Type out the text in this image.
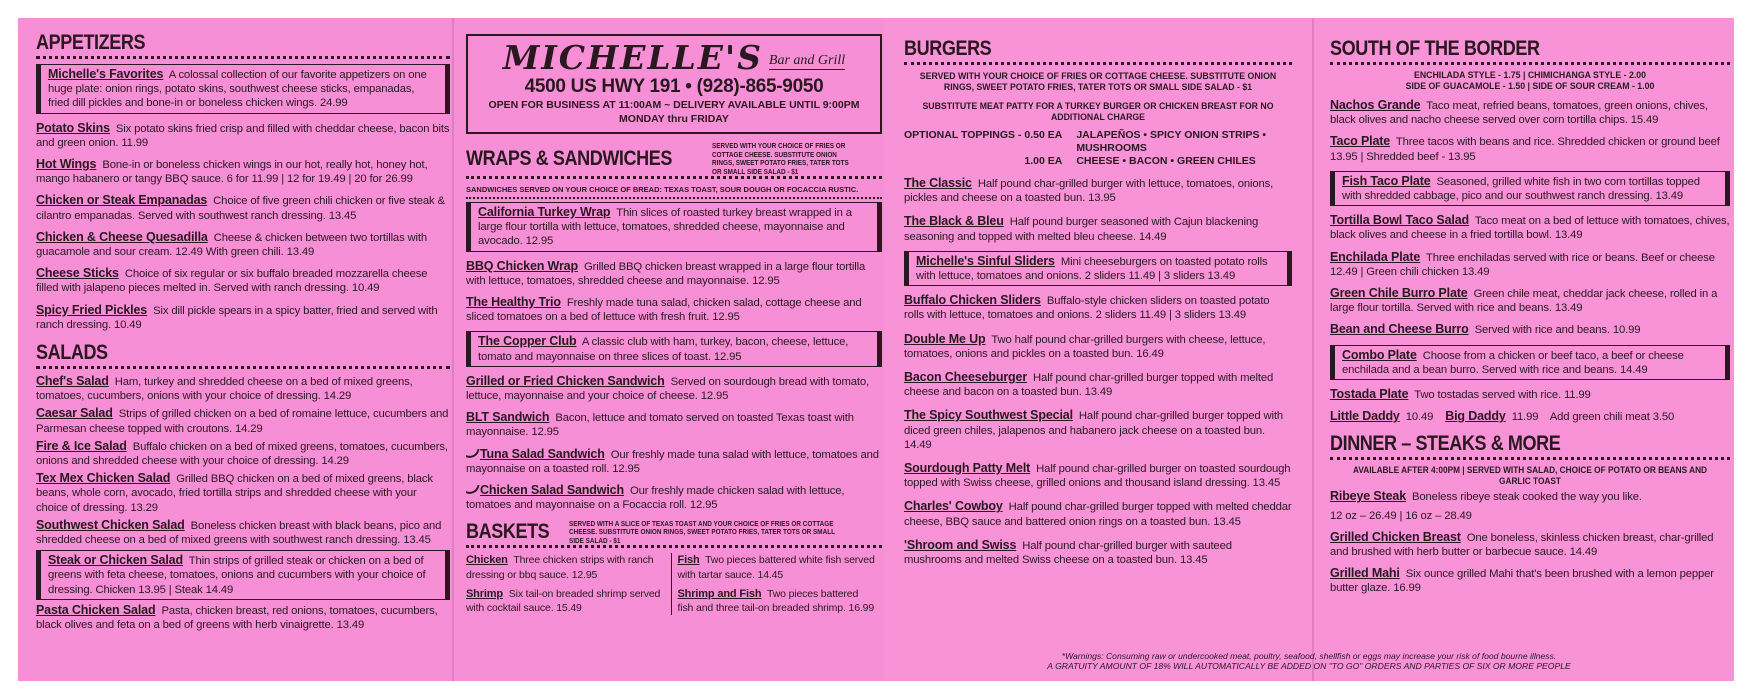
APPETIZERS
Michelle's Favorites A colossal collection of our favorite appetizers on one huge plate: onion rings, potato skins, southwest cheese sticks, empanadas, fried dill pickles and bone-in or boneless chicken wings. 24.99
Potato Skins Six potato skins fried crisp and filled with cheddar cheese, bacon bits and green onion. 11.99
Hot Wings Bone-in or boneless chicken wings in our hot, really hot, honey hot, mango habanero or tangy BBQ sauce. 6 for 11.99 | 12 for 19.49 | 20 for 26.99
Chicken or Steak Empanadas Choice of five green chili chicken or five steak & cilantro empanadas. Served with southwest ranch dressing. 13.45
Chicken & Cheese Quesadilla Cheese & chicken between two tortillas with guacamole and sour cream. 12.49 With green chili. 13.49
Cheese Sticks Choice of six regular or six buffalo breaded mozzarella cheese filled with jalapeno pieces melted in. Served with ranch dressing. 10.49
Spicy Fried Pickles Six dill pickle spears in a spicy batter, fried and served with ranch dressing. 10.49
SALADS
Chef's Salad Ham, turkey and shredded cheese on a bed of mixed greens, tomatoes, cucumbers, onions with your choice of dressing. 14.29
Caesar Salad Strips of grilled chicken on a bed of romaine lettuce, cucumbers and Parmesan cheese topped with croutons. 14.29
Fire & Ice Salad Buffalo chicken on a bed of mixed greens, tomatoes, cucumbers, onions and shredded cheese with your choice of dressing. 14.29
Tex Mex Chicken Salad Grilled BBQ chicken on a bed of mixed greens, black beans, whole corn, avocado, fried tortilla strips and shredded cheese with your choice of dressing. 13.29
Southwest Chicken Salad Boneless chicken breast with black beans, pico and shredded cheese on a bed of mixed greens with southwest ranch dressing. 13.45
Steak or Chicken Salad Thin strips of grilled steak or chicken on a bed of greens with feta cheese, tomatoes, onions and cucumbers with your choice of dressing. Chicken 13.95 | Steak 14.49
Pasta Chicken Salad Pasta, chicken breast, red onions, tomatoes, cucumbers, black olives and feta on a bed of greens with herb vinaigrette. 13.49
MICHELLE'S Bar and Grill
4500 US HWY 191 • (928)-865-9050
OPEN FOR BUSINESS AT 11:00AM ~ DELIVERY AVAILABLE UNTIL 9:00PM
MONDAY thru FRIDAY
WRAPS & SANDWICHES
SERVED WITH YOUR CHOICE OF FRIES OR COTTAGE CHEESE. SUBSTITUTE ONION RINGS, SWEET POTATO FRIES, TATER TOTS OR SMALL SIDE SALAD - $1
SANDWICHES SERVED ON YOUR CHOICE OF BREAD: TEXAS TOAST, SOUR DOUGH OR FOCACCIA RUSTIC.
California Turkey Wrap Thin slices of roasted turkey breast wrapped in a large flour tortilla with lettuce, tomatoes, shredded cheese, mayonnaise and avocado. 12.95
BBQ Chicken Wrap Grilled BBQ chicken breast wrapped in a large flour tortilla with lettuce, tomatoes, shredded cheese and mayonnaise. 12.95
The Healthy Trio Freshly made tuna salad, chicken salad, cottage cheese and sliced tomatoes on a bed of lettuce with fresh fruit. 12.95
The Copper Club A classic club with ham, turkey, bacon, cheese, lettuce, tomato and mayonnaise on three slices of toast. 12.95
Grilled or Fried Chicken Sandwich Served on sourdough bread with tomato, lettuce, mayonnaise and your choice of cheese. 12.95
BLT Sandwich Bacon, lettuce and tomato served on toasted Texas toast with mayonnaise. 12.95
Tuna Salad Sandwich Our freshly made tuna salad with lettuce, tomatoes and mayonnaise on a toasted roll. 12.95
Chicken Salad Sandwich Our freshly made chicken salad with lettuce, tomatoes and mayonnaise on a Focaccia roll. 12.95
BASKETS	SERVED WITH A SLICE OF TEXAS TOAST AND YOUR CHOICE OF FRIES OR COTTAGE CHEESE. SUBSTITUTE ONION RINGS, SWEET POTATO FRIES, TATER TOTS OR SMALL SIDE SALAD - $1
Chicken Three chicken strips with ranch dressing or bbq sauce. 12.95
Shrimp Six tail-on breaded shrimp served with cocktail sauce. 15.49
Fish Two pieces battered white fish served with tartar sauce. 14.45
Shrimp and Fish Two pieces battered fish and three tail-on breaded shrimp. 16.99
BURGERS
SERVED WITH YOUR CHOICE OF FRIES OR COTTAGE CHEESE. SUBSTITUTE ONION RINGS, SWEET POTATO FRIES, TATER TOTS OR SMALL SIDE SALAD - $1
SUBSTITUTE MEAT PATTY FOR A TURKEY BURGER OR CHICKEN BREAST FOR NO ADDITIONAL CHARGE
OPTIONAL TOPPINGS - 0.50 EA JALAPEÑOS • SPICY ONION STRIPS • MUSHROOMS
1.00 EA CHEESE • BACON • GREEN CHILES
The Classic Half pound char-grilled burger with lettuce, tomatoes, onions, pickles and cheese on a toasted bun. 13.95
The Black & Bleu Half pound burger seasoned with Cajun blackening seasoning and topped with melted bleu cheese. 14.49
Michelle's Sinful Sliders Mini cheeseburgers on toasted potato rolls with lettuce, tomatoes and onions. 2 sliders 11.49 | 3 sliders 13.49
Buffalo Chicken Sliders Buffalo-style chicken sliders on toasted potato rolls with lettuce, tomatoes and onions. 2 sliders 11.49 | 3 sliders 13.49
Double Me Up Two half pound char-grilled burgers with cheese, lettuce, tomatoes, onions and pickles on a toasted bun. 16.49
Bacon Cheeseburger Half pound char-grilled burger topped with melted cheese and bacon on a toasted bun. 13.49
The Spicy Southwest Special Half pound char-grilled burger topped with diced green chiles, jalapenos and habanero jack cheese on a toasted bun. 14.49
Sourdough Patty Melt Half pound char-grilled burger on toasted sourdough topped with Swiss cheese, grilled onions and thousand island dressing. 13.45
Charles' Cowboy Half pound char-grilled burger topped with melted cheddar cheese, BBQ sauce and battered onion rings on a toasted bun. 13.45
'Shroom and Swiss Half pound char-grilled burger with sauteed mushrooms and melted Swiss cheese on a toasted bun. 13.45
SOUTH OF THE BORDER
ENCHILADA STYLE - 1.75 | CHIMICHANGA STYLE - 2.00
SIDE OF GUACAMOLE - 1.50 | SIDE OF SOUR CREAM - 1.00
Nachos Grande Taco meat, refried beans, tomatoes, green onions, chives, black olives and nacho cheese served over corn tortilla chips. 15.49
Taco Plate Three tacos with beans and rice. Shredded chicken or ground beef 13.95 | Shredded beef - 13.95
Fish Taco Plate Seasoned, grilled white fish in two corn tortillas topped with shredded cabbage, pico and our southwest ranch dressing. 13.49
Tortilla Bowl Taco Salad Taco meat on a bed of lettuce with tomatoes, chives, black olives and cheese in a fried tortilla bowl. 13.49
Enchilada Plate Three enchiladas served with rice or beans. Beef or cheese 12.49 | Green chili chicken 13.49
Green Chile Burro Plate Green chile meat, cheddar jack cheese, rolled in a large flour tortilla. Served with rice and beans. 13.49
Bean and Cheese Burro Served with rice and beans. 10.99
Combo Plate Choose from a chicken or beef taco, a beef or cheese enchilada and a bean burro. Served with rice and beans. 14.49
Tostada Plate Two tostadas served with rice. 11.99
Little Daddy 10.49 Big Daddy 11.99 Add green chili meat 3.50
DINNER – STEAKS & MORE
AVAILABLE AFTER 4:00PM | SERVED WITH SALAD, CHOICE OF POTATO OR BEANS AND GARLIC TOAST
Ribeye Steak Boneless ribeye steak cooked the way you like.
12 oz – 26.49 | 16 oz – 28.49
Grilled Chicken Breast One boneless, skinless chicken breast, char-grilled and brushed with herb butter or barbecue sauce. 14.49
Grilled Mahi Six ounce grilled Mahi that's been brushed with a lemon pepper butter glaze. 16.99
*Warnings: Consuming raw or undercooked meat, poultry, seafood, shellfish or eggs may increase your risk of food bourne illness.
A GRATUITY AMOUNT OF 18% WILL AUTOMATICALLY BE ADDED ON "TO GO" ORDERS AND PARTIES OF SIX OR MORE PEOPLE
